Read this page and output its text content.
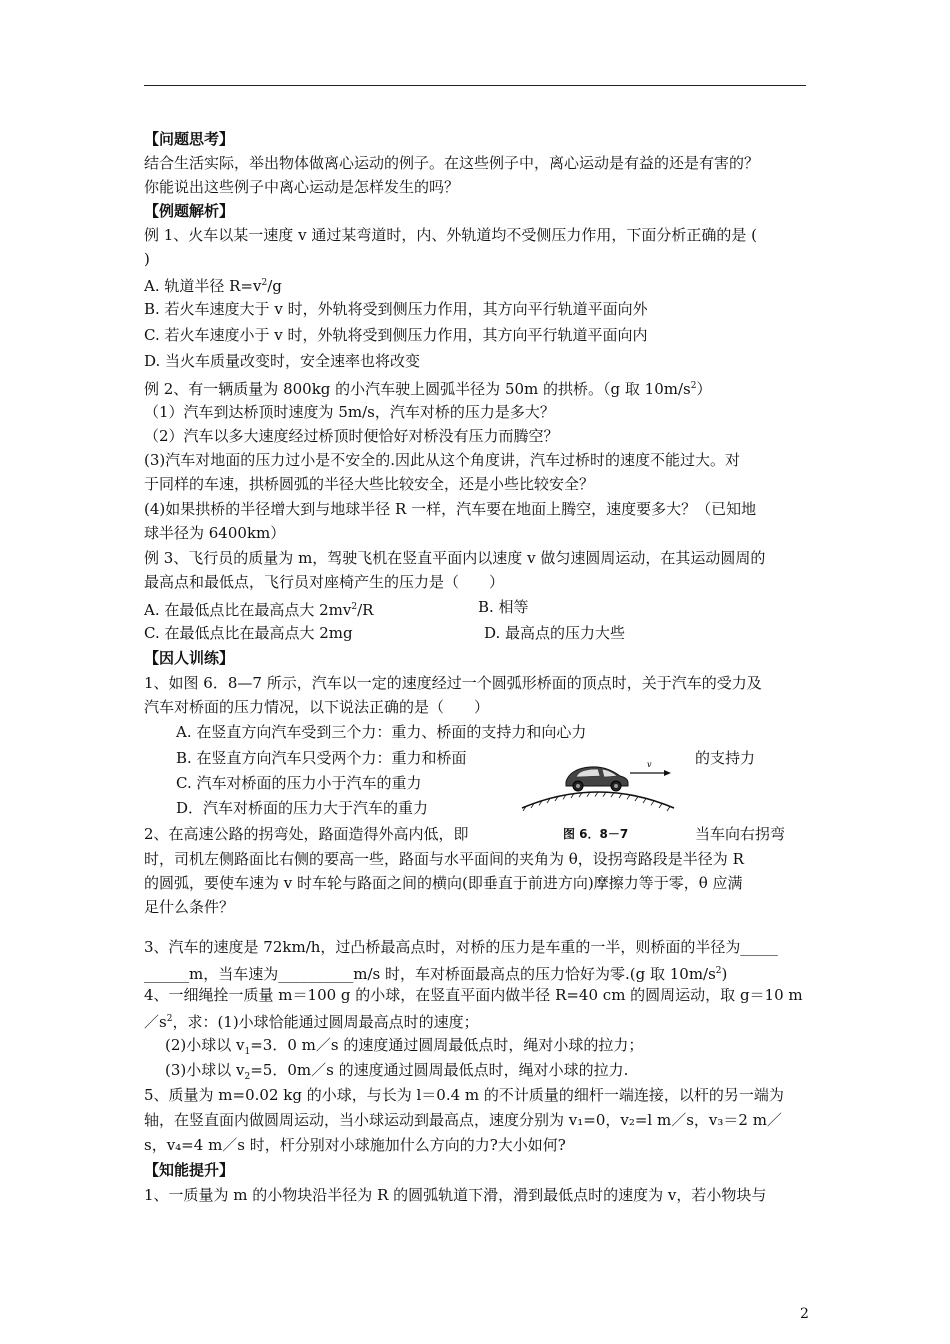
【问题思考】
结合生活实际，举出物体做离心运动的例子。在这些例子中，离心运动是有益的还是有害的？
你能说出这些例子中离心运动是怎样发生的吗？
【例题解析】
例 1、火车以某一速度 v 通过某弯道时，内、外轨道均不受侧压力作用，下面分析正确的是 (
)
A. 轨道半径 $R=v^2/g$
B. 若火车速度大于 v 时，外轨将受到侧压力作用，其方向平行轨道平面向外
C. 若火车速度小于 v 时，外轨将受到侧压力作用，其方向平行轨道平面向内
D. 当火车质量改变时，安全速率也将改变
例 2、有一辆质量为 800kg 的小汽车驶上圆弧半径为 50m 的拱桥。（g 取 $10m/s^2$）
（1）汽车到达桥顶时速度为 5m/s，汽车对桥的压力是多大？
（2）汽车以多大速度经过桥顶时便恰好对桥没有压力而腾空？
(3)汽车对地面的压力过小是不安全的.因此从这个角度讲，汽车过桥时的速度不能过大。对
于同样的车速，拱桥圆弧的半径大些比较安全，还是小些比较安全？
(4)如果拱桥的半径增大到与地球半径 R 一样，汽车要在地面上腾空，速度要多大？（已知地
球半径为 6400km）
例 3、飞行员的质量为 m，驾驶飞机在竖直平面内以速度 v 做匀速圆周运动，在其运动圆周的
最高点和最低点，飞行员对座椅产生的压力是（　　）
A. 在最低点比在最高点大 $2mv^2/R$	B. 相等
C. 在最低点比在最高点大 2mg	D. 最高点的压力大些
【因人训练】
1、如图 6．8—7 所示，汽车以一定的速度经过一个圆弧形桥面的顶点时，关于汽车的受力及
汽车对桥面的压力情况，以下说法正确的是（　　）
A. 在竖直方向汽车受到三个力：重力、桥面的支持力和向心力
B. 在竖直方向汽车只受两个力：重力和桥面	的支持力
C. 汽车对桥面的压力小于汽车的重力
D．汽车对桥面的压力大于汽车的重力
v
图 6．8－7
2、在高速公路的拐弯处，路面造得外高内低，即	当车向右拐弯
时，司机左侧路面比右侧的要高一些，路面与水平面间的夹角为 θ，设拐弯路段是半径为 R
的圆弧，要使车速为 v 时车轮与路面之间的横向(即垂直于前进方向)摩擦力等于零，θ 应满
足什么条件？
3、汽车的速度是 72km/h，过凸桥最高点时，对桥的压力是车重的一半，则桥面的半径为_____
______m，当车速为__________m/s 时，车对桥面最高点的压力恰好为零.(g 取 $10m/s^2$)
4、一细绳拴一质量 m＝100 g 的小球，在竖直平面内做半径 R=40 cm 的圆周运动，取 g＝10 m
$/s^2$，求：(1)小球恰能通过圆周最高点时的速度；
(2)小球以 $v_1=3$．0 m／s 的速度通过圆周最低点时，绳对小球的拉力；
(3)小球以 $v_2=5$．0m／s 的速度通过圆周最低点时，绳对小球的拉力.
5、质量为 m=0.02 kg 的小球，与长为 l＝0.4 m 的不计质量的细杆一端连接，以杆的另一端为
轴，在竖直面内做圆周运动，当小球运动到最高点，速度分别为 v₁=0，v₂=l m／s，v₃＝2 m／
s，v₄=4 m／s 时，杆分别对小球施加什么方向的力?大小如何?
【知能提升】
1、一质量为 m 的小物块沿半径为 R 的圆弧轨道下滑，滑到最低点时的速度为 v，若小物块与
2
